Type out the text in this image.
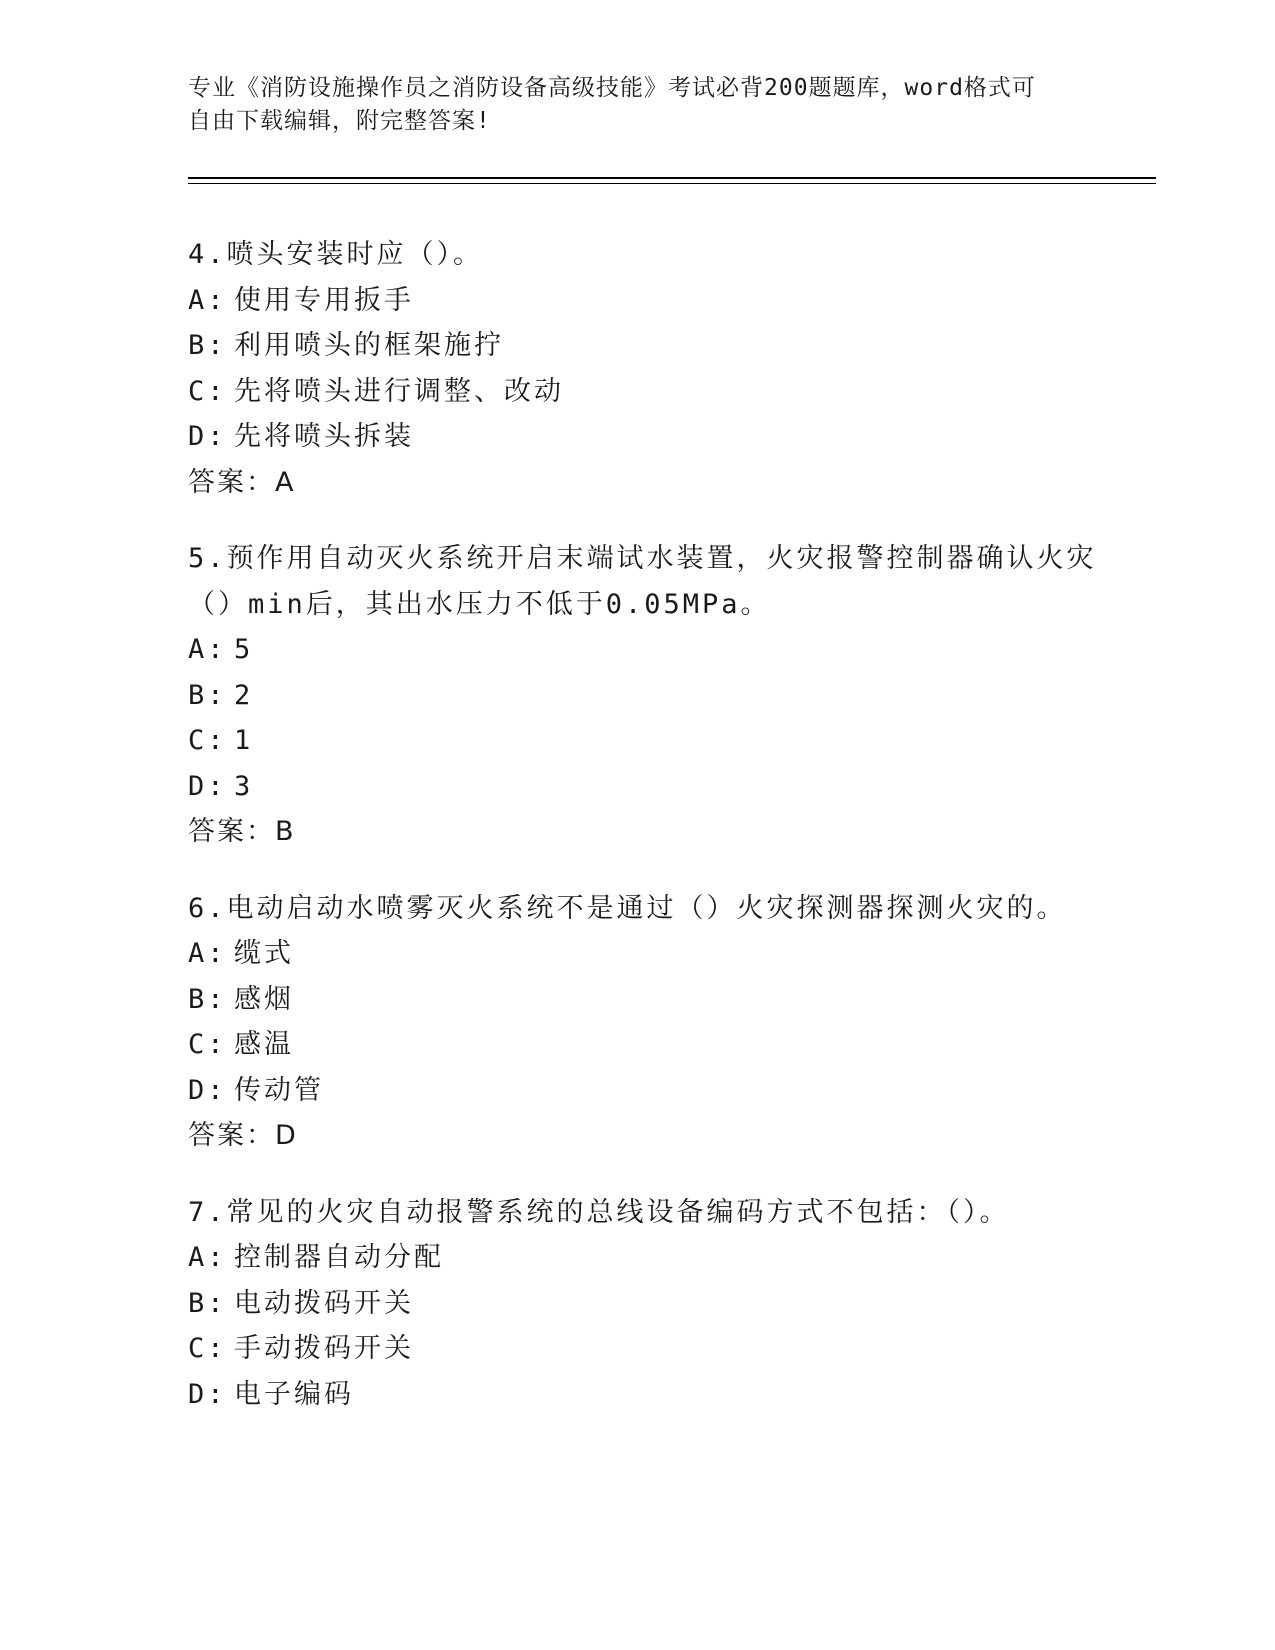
专业《消防设施操作员之消防设备高级技能》考试必背200题题库，word格式可
自由下载编辑，附完整答案!
4.喷头安装时应（）。
A: 使用专用扳手
B: 利用喷头的框架施拧
C: 先将喷头进行调整、改动
D: 先将喷头拆装
答案：A
5.预作用自动灭火系统开启末端试水装置，火灾报警控制器确认火灾
（）min后，其出水压力不低于0.05MPa。
A: 5
B: 2
C: 1
D: 3
答案：B
6.电动启动水喷雾灭火系统不是通过（）火灾探测器探测火灾的。
A: 缆式
B: 感烟
C: 感温
D: 传动管
答案：D
7.常见的火灾自动报警系统的总线设备编码方式不包括：（）。
A: 控制器自动分配
B: 电动拨码开关
C: 手动拨码开关
D: 电子编码
